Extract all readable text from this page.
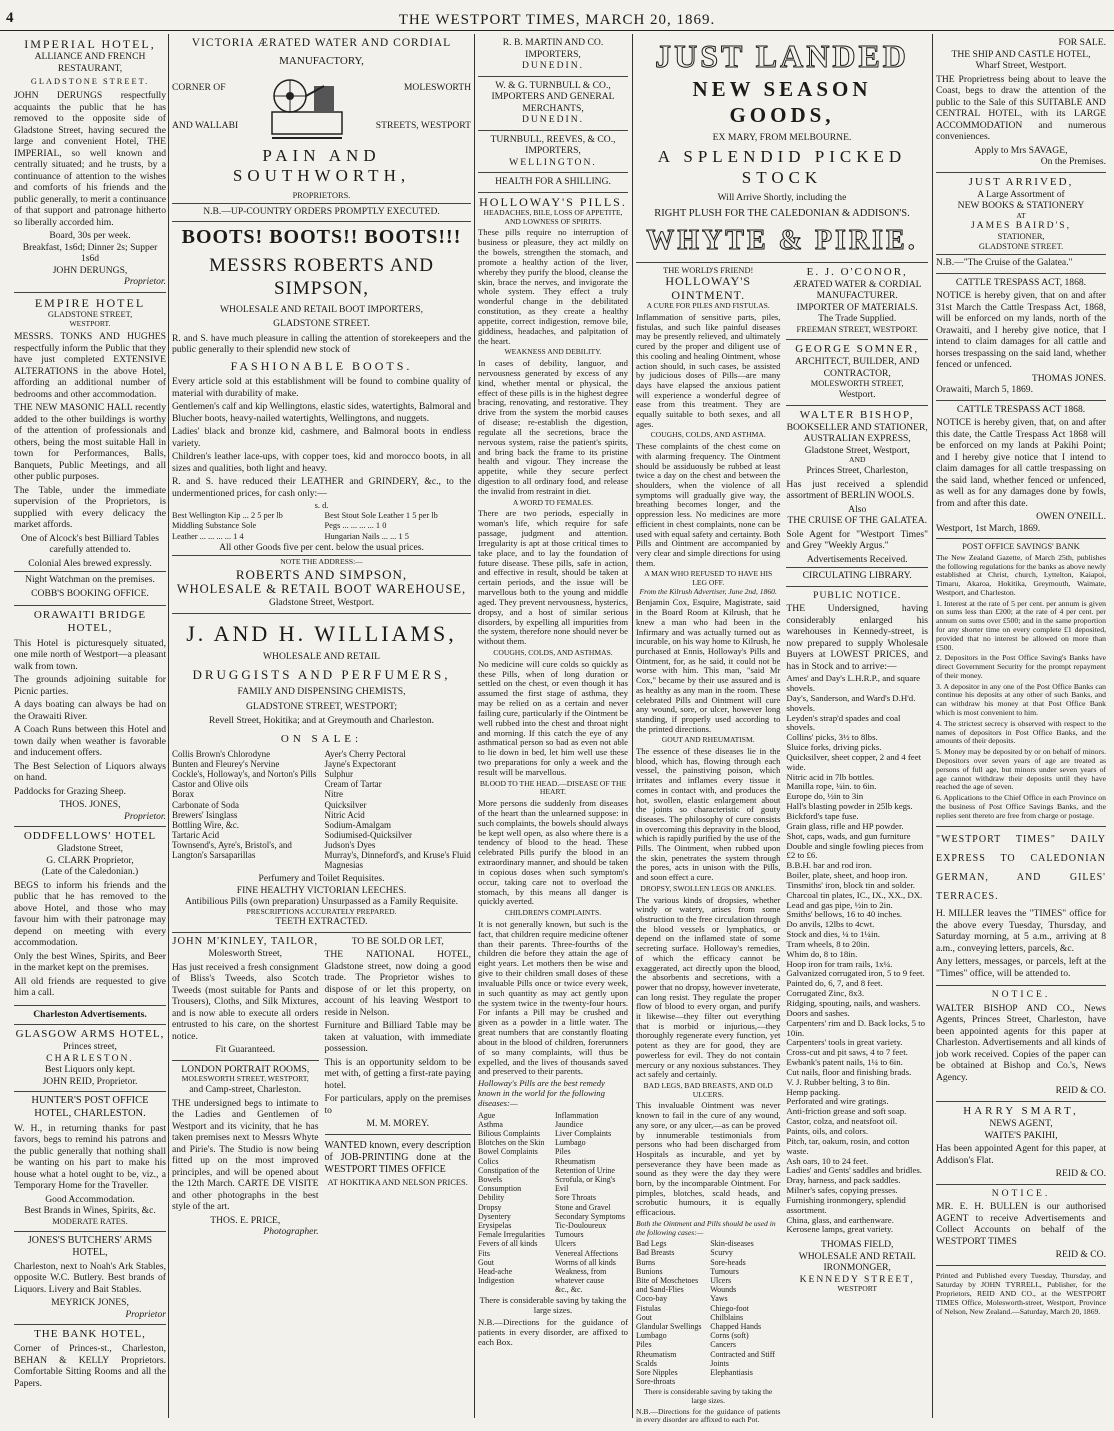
4	THE WESTPORT TIMES, MARCH 20, 1869.
IMPERIAL HOTEL,
ALLIANCE AND FRENCH RESTAURANT,
GLADSTONE STREET.

JOHN DERUNGS respectfully acquaints the public that he has removed to the opposite side of Gladstone Street, having secured the large and convenient Hotel, THE IMPERIAL, so well known and centrally situated; and he trusts, by a continuance of attention to the wishes and comforts of his friends and the public generally, to merit a continuance of that support and patronage hitherto so liberally accorded him.

Board, 30s per week.
Breakfast, 1s6d; Dinner 2s; Supper 1s6d
JOHN DERUNGS,
Proprietor.
EMPIRE HOTEL
GLADSTONE STREET,
WESTPORT.

MESSRS. TONKS AND HUGHES respectfully inform the Public that they have just completed EXTENSIVE ALTERATIONS in the above Hotel, affording an additional number of bedrooms and other accommodation.

THE NEW MASONIC HALL recently added to the other buildings is worthy of the attention of professionals and others, being the most suitable Hall in town for Performances, Balls, Banquets, Public Meetings, and all other public purposes.

The Table, under the immediate supervision of the Proprietors, is supplied with every delicacy the market affords.

One of Alcock's best Billiard Tables carefully attended to.

Colonial Ales brewed expressly.

Night Watchman on the premises.

COBB'S BOOKING OFFICE.

ORAWAITI BRIDGE HOTEL,

This Hotel is picturesquely situated, one mile north of Westport—a pleasant walk from town.

The grounds adjoining suitable for Picnic parties.

A days boating can always be had on the Orawaiti River.

A Coach Runs between this Hotel and town daily when weather is favorable and inducement offers.

The Best Selection of Liquors always on hand.

Paddocks for Grazing Sheep.

THOS. JONES,
Proprietor.
ODDFELLOWS' HOTEL
Gladstone Street,
G. CLARK Proprietor,
(Late of the Caledonian.)

BEGS to inform his friends and the public that he has removed to the above Hotel, and those who may favour him with their patronage may depend on meeting with every accommodation.

Only the best Wines, Spirits, and Beer in the market kept on the premises.

All old friends are requested to give him a call.

Charleston Advertisements.
GLASGOW ARMS HOTEL,
Princes street,
CHARLESTON.
Best Liquors only kept.
JOHN REID, Proprietor.
HUNTER'S POST OFFICE HOTEL, CHARLESTON.

W. H., in returning thanks for past favors, begs to remind his patrons and the public generally that nothing shall be wanting on his part to make his house what a hotel ought to be, viz., a Temporary Home for the Traveller.

Good Accommodation.
Best Brands in Wines, Spirits, &c.
MODERATE RATES.
JONES'S BUTCHERS' ARMS HOTEL,

Charleston, next to Noah's Ark Stables, opposite W.C. Butlery. Best brands of Liquors. Livery and Bait Stables.

MEYRICK JONES,
Proprietor
THE BANK HOTEL,

Corner of Princes-st., Charleston, BEHAN & KELLY Proprietors. Comfortable Sitting Rooms and all the Papers.

VICTORIA ÆRATED WATER AND CORDIAL
MANUFACTORY,
CORNER OF
AND WALLABI
MOLESWORTH
STREETS, WESTPORT
PAIN AND SOUTHWORTH,
PROPRIETORS.
N.B.—UP-COUNTRY ORDERS PROMPTLY EXECUTED.
BOOTS! BOOTS!! BOOTS!!!
MESSRS ROBERTS AND SIMPSON,
WHOLESALE AND RETAIL BOOT IMPORTERS,
GLADSTONE STREET.

R. and S. have much pleasure in calling the attention of storekeepers and the public generally to their splendid new stock of

FASHIONABLE BOOTS.

Every article sold at this establishment will be found to combine quality of material with durability of make.

Gentlemen's calf and kip Wellingtons, elastic sides, watertights, Balmoral and Blucher boots, heavy-nailed watertights, Wellingtons, and nuggets.

Ladies' black and bronze kid, cashmere, and Balmoral boots in endless variety.

Children's leather lace-ups, with copper toes, kid and morocco boots, in all sizes and qualities, both light and heavy.

R. and S. have reduced their LEATHER and GRINDERY, &c., to the undermentioned prices, for cash only:—

s. d.
Best Wellington Kip ... 2 5 per lb
Middling Substance Sole
Leather ... ... ... ... 1 4
Best Stout Sole Leather 1 5 per lb
Pegs ... ... ... ... 1 0
Hungarian Nails ... ... 1 5
All other Goods five per cent. below the usual prices.
NOTE THE ADDRESS:—
ROBERTS AND SIMPSON,
WHOLESALE & RETAIL BOOT WAREHOUSE,
Gladstone Street, Westport.
J. AND H. WILLIAMS,
WHOLESALE AND RETAIL
DRUGGISTS AND PERFUMERS,
FAMILY AND DISPENSING CHEMISTS,
GLADSTONE STREET, WESTPORT;
Revell Street, Hokitika; and at Greymouth and Charleston.
ON SALE:
Collis Brown's Chlorodyne
Bunten and Fleurey's Nervine
Cockle's, Holloway's, and Norton's Pills
Castor and Olive oils
Borax
Carbonate of Soda
Brewers' Isinglass
Bottling Wire, &c.
Tartaric Acid
Townsend's, Ayre's, Bristol's, and Langton's Sarsaparillas
Ayer's Cherry Pectoral
Jayne's Expectorant
Sulphur
Cream of Tartar
Nitre
Quicksilver
Nitric Acid
Sodium-Amalgam
Sodiumised-Quicksilver
Judson's Dyes
Murray's, Dinneford's, and Kruse's Fluid Magnesias
Perfumery and Toilet Requisites.
FINE HEALTHY VICTORIAN LEECHES.
Antibilious Pills (own preparation) Unsurpassed as a Family Requisite.
PRESCRIPTIONS ACCURATELY PREPARED.
TEETH EXTRACTED.
JOHN M'KINLEY, TAILOR,
Molesworth Street,

Has just received a fresh consignment of Bliss's Tweeds, also Scotch Tweeds (most suitable for Pants and Trousers), Cloths, and Silk Mixtures, and is now able to execute all orders entrusted to his care, on the shortest notice.

Fit Guaranteed.
LONDON PORTRAIT ROOMS,
MOLESWORTH STREET, WESTPORT,
and Camp-street, Charleston.

THE undersigned begs to intimate to the Ladies and Gentlemen of Westport and its vicinity, that he has taken premises next to Messrs Whyte and Pirie's. The Studio is now being fitted up on the most improved principles, and will be opened about the 12th March. CARTE DE VISITE and other photographs in the best style of the art.

THOS. E. PRICE,
Photographer.
TO BE SOLD OR LET,

THE NATIONAL HOTEL, Gladstone street, now doing a good trade. The Proprietor wishes to dispose of or let this property, on account of his leaving Westport to reside in Nelson.

Furniture and Billiard Table may be taken at valuation, with immediate possession.

This is an opportunity seldom to be met with, of getting a first-rate paying hotel.

For particulars, apply on the premises to

M. M. MOREY.

WANTED known, every description of JOB-PRINTING done at the WESTPORT TIMES OFFICE

AT HOKITIKA AND NELSON PRICES.
R. B. MARTIN AND CO.
IMPORTERS,
DUNEDIN.
W. & G. TURNBULL & CO.,
IMPORTERS AND GENERAL MERCHANTS,
DUNEDIN.
TURNBULL, REEVES, & CO.,
IMPORTERS,
WELLINGTON.
HEALTH FOR A SHILLING.
HOLLOWAY'S PILLS.
HEADACHES, BILE, LOSS OF APPETITE, AND LOWNESS OF SPIRITS.

These pills require no interruption of business or pleasure, they act mildly on the bowels, strengthen the stomach, and promote a healthy action of the liver, whereby they purify the blood, cleanse the skin, brace the nerves, and invigorate the whole system. They effect a truly wonderful change in the debilitated constitution, as they create a healthy appetite, correct indigestion, remove bile, giddiness, headaches, and palpitation of the heart.

WEAKNESS AND DEBILITY.

In cases of debility, languor, and nervousness generated by excess of any kind, whether mental or physical, the effect of these pills is in the highest degree bracing, renovating, and restorative. They drive from the system the morbid causes of disease; re-establish the digestion, regulate all the secretions, brace the nervous system, raise the patient's spirits, and bring back the frame to its pristine health and vigour. They increase the appetite, while they secure perfect digestion to all ordinary food, and release the invalid from restraint in diet.

A WORD TO FEMALES.

There are two periods, especially in woman's life, which require for safe passage, judgment and attention. Irregularity is apt at those critical times to take place, and to lay the foundation of future disease. These pills, safe in action, and effective in result, should be taken at certain periods, and the issue will be marvellous both to the young and middle aged. They prevent nervousness, hysterics, dropsy, and a host of similar serious disorders, by expelling all impurities from the system, therefore none should never be without them.

COUGHS, COLDS, AND ASTHMAS.

No medicine will cure colds so quickly as these Pills, when of long duration or settled on the chest, or even though it has assumed the first stage of asthma, they may be relied on as a certain and never failing cure, particularly if the Ointment be well rubbed into the chest and throat night and morning. If this catch the eye of any asthmatical person so bad as even not able to lie down in bed, let him well use these two preparations for only a week and the result will be marvellous.

BLOOD TO THE HEAD.—DISEASE OF THE HEART.

More persons die suddenly from diseases of the heart than the unlearned suppose: in such complaints, the bowels should always be kept well open, as also where there is a tendency of blood to the head. These celebrated Pills purify the blood in an extraordinary manner, and should be taken in copious doses when such symptom's occur, taking care not to overload the stomach, by this means all danger is quickly averted.

CHILDREN'S COMPLAINTS.

It is not generally known, but such is the fact, that children require medicine oftener than their parents. Three-fourths of the children die before they attain the age of eight years. Let mothers then be wise and give to their children small doses of these invaluable Pills once or twice every week, in such quantity as may act gently upon the system twice in the twenty-four hours. For infants a Pill may be crushed and given as a powder in a little water. The great numbers that are constantly floating about in the blood of children, forerunners of so many complaints, will thus be expelled, and the lives of thousands saved and preserved to their parents.

Holloway's Pills are the best remedy known in the world for the following diseases:—

Ague
Asthma
Bilious Complaints
Blotches on the Skin
Bowel Complaints
Colics
Constipation of the Bowels
Consumption
Debility
Dropsy
Dysentery
Erysipelas
Female Irregularities
Fevers of all kinds
Fits
Gout
Head-ache
Indigestion
Inflammation
Jaundice
Liver Complaints
Lumbago
Piles
Rheumatism
Retention of Urine
Scrofula, or King's Evil
Sore Throats
Stone and Gravel
Secondary Symptoms
Tic-Douloureux
Tumours
Ulcers
Venereal Affections
Worms of all kinds
Weakness, from whatever cause
&c., &c.

There is considerable saving by taking the large sizes.

N.B.—Directions for the guidance of patients in every disorder, are affixed to each Box.

JUST LANDED
NEW SEASON GOODS,
EX MARY, FROM MELBOURNE.
A SPLENDID PICKED STOCK
Will Arrive Shortly, including the
RIGHT PLUSH FOR THE CALEDONIAN & ADDISON'S.
WHYTE & PIRIE.
THE WORLD'S FRIEND!
HOLLOWAY'S OINTMENT.
A CURE FOR PILES AND FISTULAS.

Inflammation of sensitive parts, piles, fistulas, and such like painful diseases may be presently relieved, and ultimately cured by the proper and diligent use of this cooling and healing Ointment, whose action should, in such cases, be assisted by judicious doses of Pills—are many days have elapsed the anxious patient will experience a wonderful degree of ease from this treatment. They are equally suitable to both sexes, and all ages.

COUGHS, COLDS, AND ASTHMA.

These complaints of the chest come on with alarming frequency. The Ointment should be assiduously be rubbed at least twice a day on the chest and between the shoulders, when the violence of all symptoms will gradually give way, the breathing becomes longer, and the oppression less. No medicines are more efficient in chest complaints, none can be used with equal safety and certainty. Both Pills and Ointment are accompanied by very clear and simple directions for using them.

A MAN WHO REFUSED TO HAVE HIS LEG OFF.
From the Kilrush Advertiser, June 2nd, 1860.

Benjamin Cox, Esquire, Magistrate, said in the Board Room at Kilrush, that he knew a man who had been in the Infirmary and was actually turned out as incurable, on his way home to Kilrush, he purchased at Ennis, Holloway's Pills and Ointment, for, as he said, it could not be worse with him. This man, "said Mr Cox," became by their use assured and is as healthy as any man in the room. These celebrated Pills and Ointment will cure any wound, sore, or ulcer, however long standing, if properly used according to the printed directions.

GOUT AND RHEUMATISM.

The essence of these diseases lie in the blood, which has, flowing through each vessel, the painstiving poison, which irritates and inflames every tissue it comes in contact with, and produces the hot, swollen, elastic enlargement about the joints so characteristic of gouty diseases. The philosophy of cure consists in overcoming this depravity in the blood, which is rapidly purified by the use of the Pills. The Ointment, when rubbed upon the skin, penetrates the system through the pores, acts in unison with the Pills, and soon effect a cure.

DROPSY, SWOLLEN LEGS OR ANKLES.

The various kinds of dropsies, whether windy or watery, arises from some obstruction to the free circulation through the blood vessels or lymphatics, or depend on the inflamed state of some secreting surface. Holloway's remedies, of which the efficacy cannot be exaggerated, act directly upon the blood, the absorbents and secretions, with a power that no dropsy, however inveterate, can long resist. They regulate the proper flow of blood to every organ, and purify it likewise—they filter out everything that is morbid or injurious,—they thoroughly regenerate every function, yet potent as they are for good, they are powerless for evil. They do not contain mercury or any noxious substances. They act safely and certainly.

BAD LEGS, BAD BREASTS, AND OLD ULCERS.

This invaluable Ointment was never known to fail in the cure of any wound, any sore, or any ulcer,—as can be proved by innumerable testimonials from persons who had been discharged from Hospitals as incurable, and yet by perseverance they have been made as sound as they were the day they were born, by the incomparable Ointment. For pimples, blotches, scald heads, and scrobutic humours, it is equally efficacious.

Both the Ointment and Pills should be used in the following cases:—

Bad Legs
Bad Breasts
Burns
Bunions
Bite of Moschetoes and Sand-Flies
Coco-bay
Fistulas
Gout
Glandular Swellings
Lumbago
Piles
Rheumatism
Scalds
Sore Nipples
Sore-throats
Skin-diseases
Scurvy
Sore-heads
Tumours
Ulcers
Wounds
Yaws
Chiego-foot
Chilblains
Chapped Hands
Corns (soft)
Cancers
Contracted and Stiff Joints
Elephantiasis

There is considerable saving by taking the large sizes.

N.B.—Directions for the guidance of patients in every disorder are affixed to each Pot.

E. J. O'CONOR,
ÆRATED WATER & CORDIAL MANUFACTURER.
IMPORTER OF MATERIALS.
The Trade Supplied.
FREEMAN STREET, WESTPORT.
GEORGE SOMNER,
ARCHITECT, BUILDER, AND CONTRACTOR,
MOLESWORTH STREET,
Westport.
WALTER BISHOP,
BOOKSELLER AND STATIONER,
AUSTRALIAN EXPRESS,
Gladstone Street, Westport,
AND
Princes Street, Charleston,

Has just received a splendid assortment of BERLIN WOOLS.

Also
THE CRUISE OF THE GALATEA.

Sole Agent for "Westport Times" and Grey "Weekly Argus."

Advertisements Received.
CIRCULATING LIBRARY.
PUBLIC NOTICE.

THE Undersigned, having considerably enlarged his warehouses in Kennedy-street, is now prepared to supply Wholesale Buyers at LOWEST PRICES, and has in Stock and to arrive:—

Ames' and Day's L.H.R.P., and square shovels.
Day's, Sanderson, and Ward's D.H'd. shovels.
Leyden's strap'd spades and coal shovels.
Collins' picks, 3½ to 8lbs.
Sluice forks, driving picks.
Quicksilver, sheet copper, 2 and 4 feet wide.
Nitric acid in 7lb bottles.
Manilla rope, ¼in. to 6in.
Europe do, ½in to 3in
Hall's blasting powder in 25lb kegs.
Bickford's tape fuse.
Grain glass, rifle and HP powder.
Shot, caps, wads, and gun furniture
Double and single fowling pieces from £2 to £6.
B.B.H. bar and rod iron.
Boiler, plate, sheet, and hoop iron.
Tinsmiths' iron, block tin and solder.
Charcoal tin plates, IC., IX., XX., DX.
Lead and gas pipe, ½in to 2in.
Smiths' bellows, 16 to 40 inches.
Do anvils, 12lbs to 4cwt.
Stock and dies, ¼ to 1¼in.
Tram wheels, 8 to 20in.
Whim do, 8 to 18in.
Hoop iron for tram rails, 1x¼.
Galvanized corrugated iron, 5 to 9 feet.
Painted do, 6, 7, and 8 feet.
Corrugated Zinc, 8x3.
Ridging, spouting, nails, and washers.
Doors and sashes.
Carpenters' rim and D. Back locks, 5 to 10in.
Carpenters' tools in great variety.
Cross-cut and pit saws, 4 to 7 feet.
Ewbank's patent nails, 1¼ to 6in.
Cut nails, floor and finishing brads.
V. J. Rubber belting, 3 to 8in.
Hemp packing.
Perforated and wire gratings.
Anti-friction grease and soft soap.
Castor, colza, and neatsfoot oil.
Paints, oils, and colors.
Pitch, tar, oakum, rosin, and cotton waste.
Ash oars, 10 to 24 feet.
Ladies' and Gents' saddles and bridles.
Dray, harness, and pack saddles.
Milner's safes, copying presses.
Furnishing ironmongery, splendid assortment.
China, glass, and earthenware.
Kerosene lamps, great variety.
THOMAS FIELD,
WHOLESALE AND RETAIL IRONMONGER,
KENNEDY STREET,
WESTPORT
FOR SALE.
THE SHIP AND CASTLE HOTEL,
Wharf Street, Westport.

THE Proprietress being about to leave the Coast, begs to draw the attention of the public to the Sale of this SUITABLE AND CENTRAL HOTEL, with its LARGE ACCOMMODATION and numerous conveniences.

Apply to Mrs SAVAGE,
On the Premises.
JUST ARRIVED,
A Large Assortment of
NEW BOOKS & STATIONERY
AT
JAMES BAIRD'S,
STATIONER,
GLADSTONE STREET.
N.B.—"The Cruise of the Galatea."
CATTLE TRESPASS ACT, 1868.

NOTICE is hereby given, that on and after 31st March the Cattle Trespass Act, 1868, will be enforced on my lands, north of the Orawaiti, and I hereby give notice, that I intend to claim damages for all cattle and horses trespassing on the said land, whether fenced or unfenced.

THOMAS JONES.
Orawaiti, March 5, 1869.
CATTLE TRESPASS ACT 1868.

NOTICE is hereby given, that, on and after this date, the Cattle Trespass Act 1868 will be enforced on my lands at Pakihi Point; and I hereby give notice that I intend to claim damages for all cattle trespassing on the said land, whether fenced or unfenced, as well as for any damages done by fowls, from and after this date.

OWEN O'NEILL.
Westport, 1st March, 1869.
POST OFFICE SAVINGS' BANK

The New Zealand Gazette, of March 25th, publishes the following regulations for the banks as above newly established at Christ, church, Lyttelton, Kaiapoi, Timaru, Akaroa, Hokitika, Greymouth, Waimate, Westport, and Charleston.

1. Interest at the rate of 5 per cent. per annum is given on sums less than £200; at the rate of 4 per cent. per annum on sums over £500; and in the same proportion for any shorter time on every complete £1 deposited, provided that no interest be allowed on more than £500.

2. Depositors in the Post Office Saving's Banks have direct Government Security for the prompt repayment of their money.

3. A depositor in any one of the Post Office Banks can continue his deposits at any other of such Banks, and can withdraw his money at that Post Office Bank which is most convenient to him.

4. The strictest secrecy is observed with respect to the names of depositors in Post Office Banks, and the amounts of their deposits.

5. Money may be deposited by or on behalf of minors. Depositors over seven years of age are treated as persons of full age, but minors under seven years of age cannot withdraw their deposits until they have reached the age of seven.

6. Applications to the Chief Office in each Province on the business of Post Office Savings Banks, and the replies sent thereto are free from charge or postage.

"WESTPORT TIMES" DAILY EXPRESS TO CALEDONIAN GERMAN, AND GILES' TERRACES.

H. MILLER leaves the "TIMES" office for the above every Tuesday, Thursday, and Saturday morning, at 5 a.m., arriving at 8 a.m., conveying letters, parcels, &c.

Any letters, messages, or parcels, left at the "Times" office, will be attended to.

NOTICE.

WALTER BISHOP AND CO., News Agents, Princes Street, Charleston, have been appointed agents for this paper at Charleston. Advertisements and all kinds of job work received. Copies of the paper can be obtained at Bishop and Co.'s, News Agency.

REID & CO.
HARRY SMART,
NEWS AGENT,
WAITE'S PAKIHI,

Has been appointed Agent for this paper, at Addison's Flat.

REID & CO.
NOTICE.

MR. E. H. BULLEN is our authorised AGENT to receive Advertisements and Collect Accounts on behalf of the WESTPORT TIMES

REID & CO.

Printed and Published every Tuesday, Thursday, and Saturday by JOHN TYRRELL, Publisher, for the Proprietors, REID AND CO., at the WESTPORT TIMES Office, Molesworth-street, Westport, Province of Nelson, New Zealand.—Saturday, March 20, 1869.
